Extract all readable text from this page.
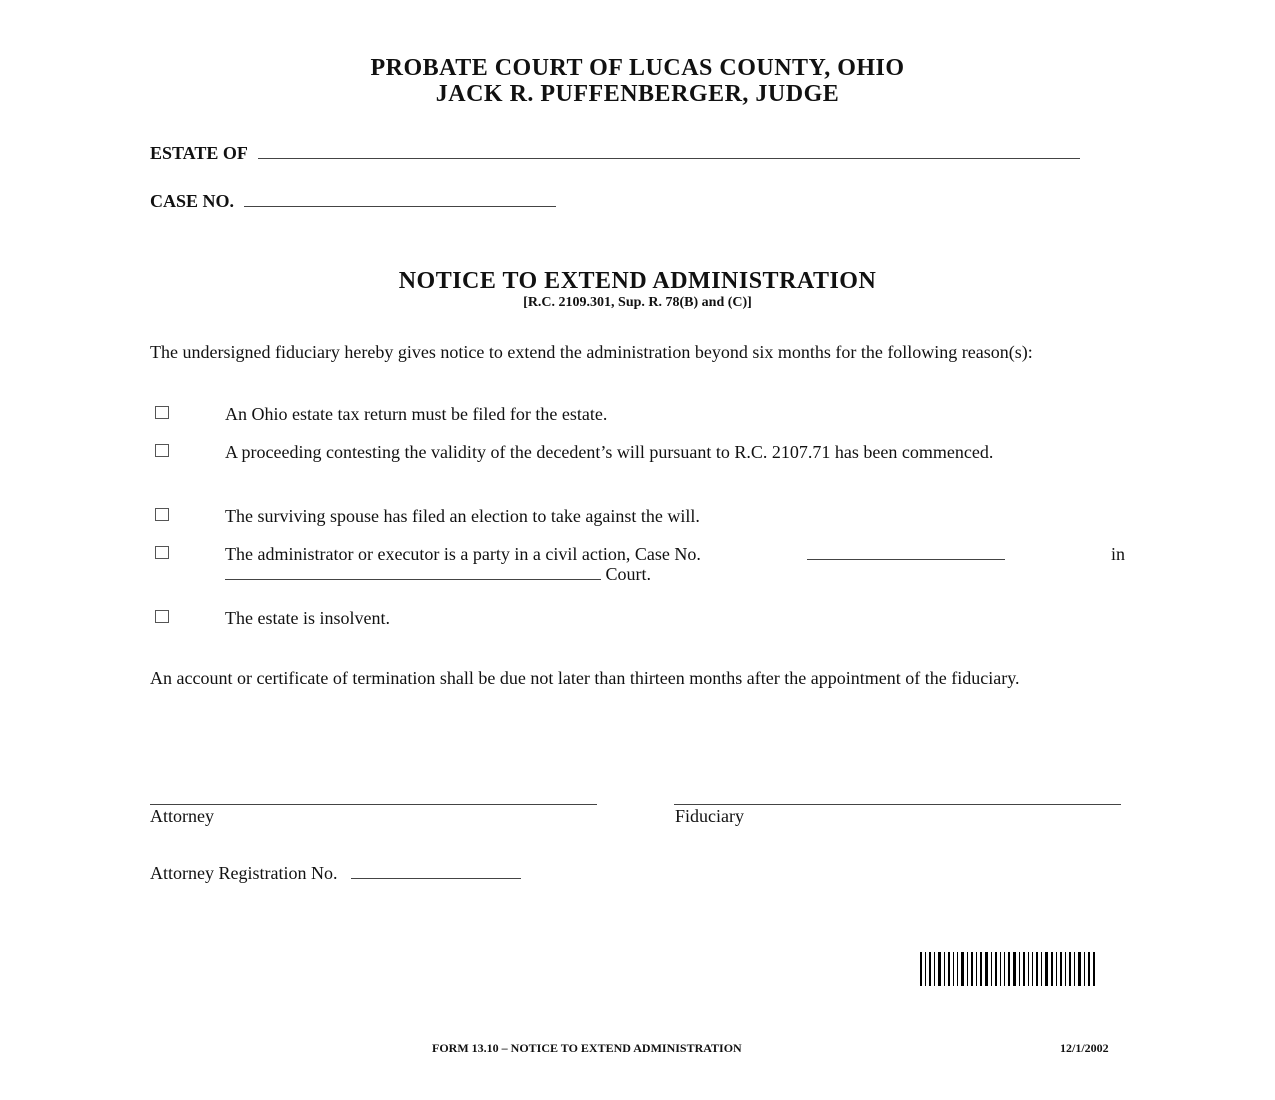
PROBATE COURT OF LUCAS COUNTY, OHIO
JACK R. PUFFENBERGER, JUDGE
ESTATE OF
CASE NO.
NOTICE TO EXTEND ADMINISTRATION
[R.C. 2109.301, Sup. R. 78(B) and (C)]
The undersigned fiduciary hereby gives notice to extend the administration beyond six months for the following reason(s):
An Ohio estate tax return must be filed for the estate.
A proceeding contesting the validity of the decedent’s will pursuant to R.C. 2107.71 has been commenced.
The surviving spouse has filed an election to take against the will.
The administrator or executor is a party in a civil action, Case No.	in
Court.
The estate is insolvent.
An account or certificate of termination shall be due not later than thirteen months after the appointment of the fiduciary.
Attorney	Fiduciary
Attorney Registration No.
FORM 13.10 – NOTICE TO EXTEND ADMINISTRATION	12/1/2002
